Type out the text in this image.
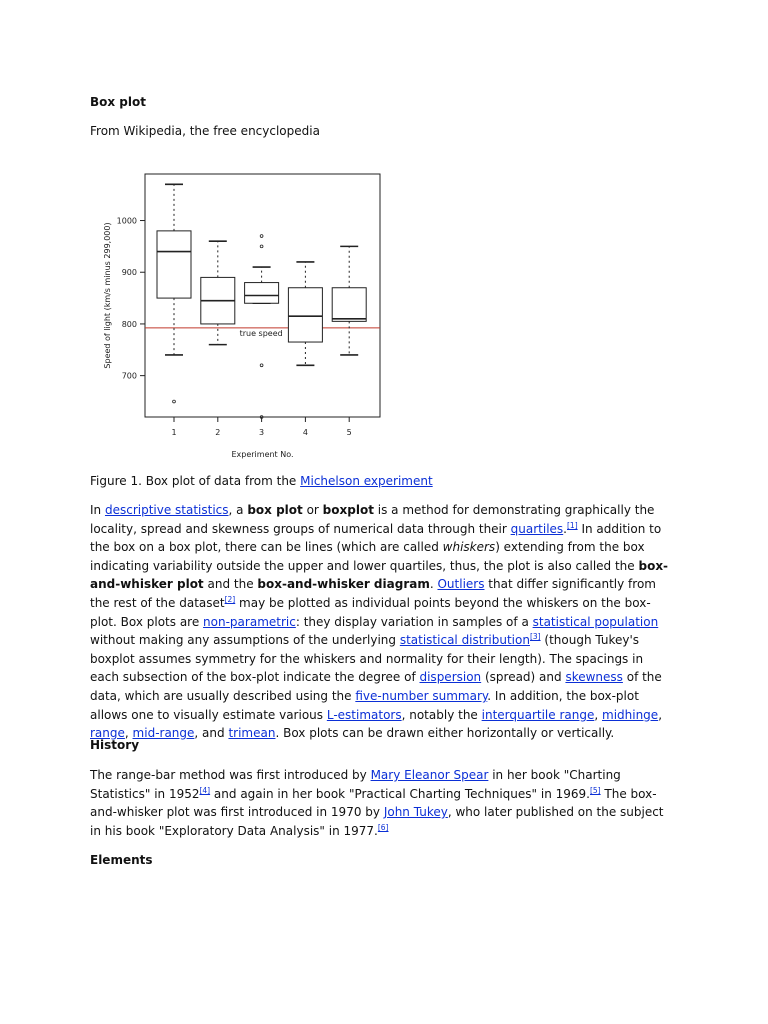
Box plot
From Wikipedia, the free encyclopedia
700
800
900
1000
1	2	3	4	5
Experiment No.
Speed of light (km/s minus 299,000)	true speed
Figure 1. Box plot of data from the Michelson experiment
In descriptive statistics, a box plot or boxplot is a method for demonstrating graphically the locality, spread and skewness groups of numerical data through their quartiles.[1] In addition to the box on a box plot, there can be lines (which are called whiskers) extending from the box indicating variability outside the upper and lower quartiles, thus, the plot is also called the box-and-whisker plot and the box-and-whisker diagram. Outliers that differ significantly from the rest of the dataset[2] may be plotted as individual points beyond the whiskers on the box-plot. Box plots are non-parametric: they display variation in samples of a statistical population without making any assumptions of the underlying statistical distribution[3] (though Tukey's boxplot assumes symmetry for the whiskers and normality for their length). The spacings in each subsection of the box-plot indicate the degree of dispersion (spread) and skewness of the data, which are usually described using the five-number summary. In addition, the box-plot allows one to visually estimate various L-estimators, notably the interquartile range, midhinge, range, mid-range, and trimean. Box plots can be drawn either horizontally or vertically.
History
The range-bar method was first introduced by Mary Eleanor Spear in her book "Charting Statistics" in 1952[4] and again in her book "Practical Charting Techniques" in 1969.[5] The box-and-whisker plot was first introduced in 1970 by John Tukey, who later published on the subject in his book "Exploratory Data Analysis" in 1977.[6]
Elements
